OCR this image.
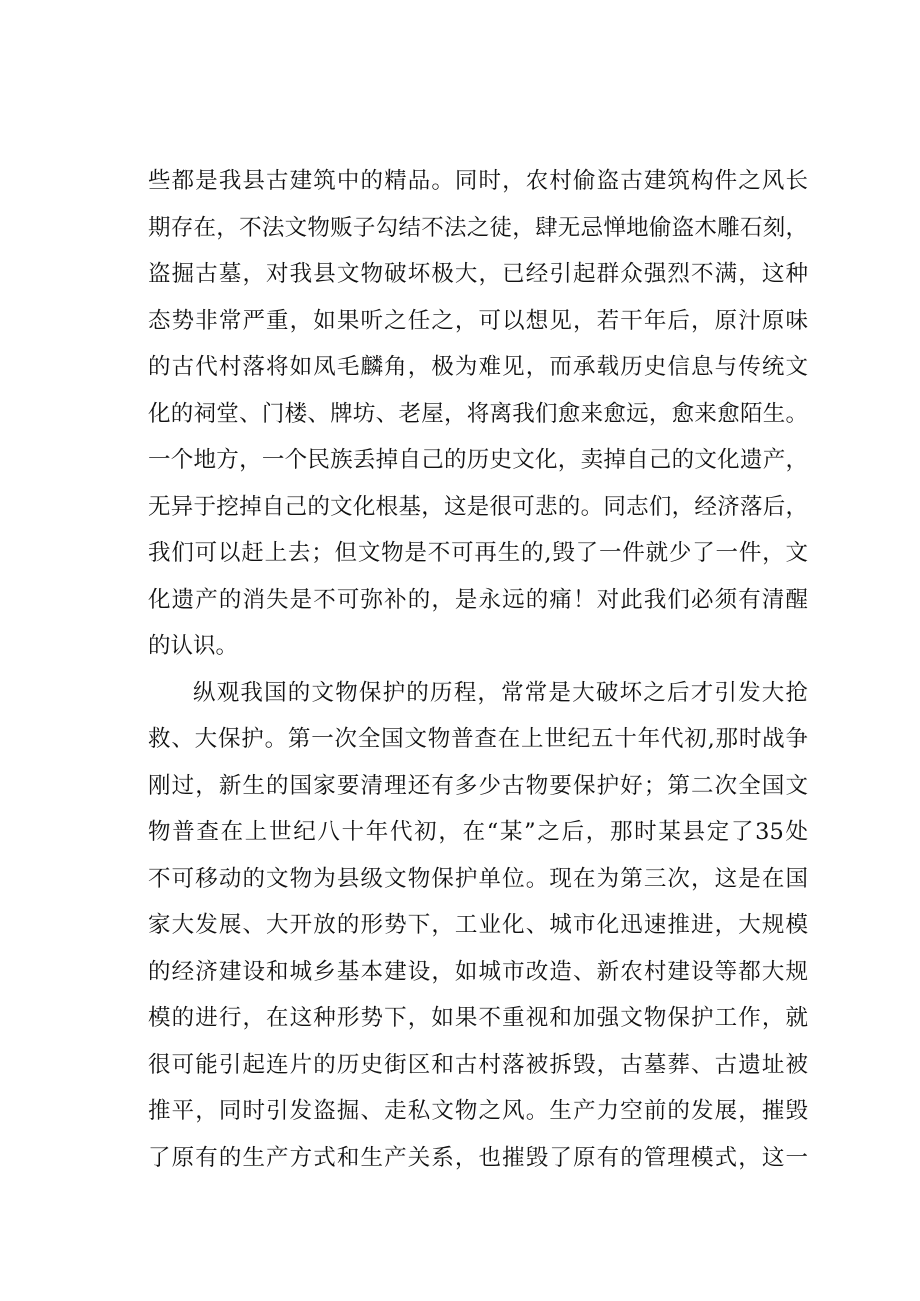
些都是我县古建筑中的精品。同时，农村偷盗古建筑构件之风长
期存在，不法文物贩子勾结不法之徒，肆无忌惮地偷盗木雕石刻，
盗掘古墓，对我县文物破坏极大，已经引起群众强烈不满，这种
态势非常严重，如果听之任之，可以想见，若干年后，原汁原味
的古代村落将如凤毛麟角，极为难见，而承载历史信息与传统文
化的祠堂、门楼、牌坊、老屋，将离我们愈来愈远，愈来愈陌生。
一个地方，一个民族丢掉自己的历史文化，卖掉自己的文化遗产，
无异于挖掉自己的文化根基，这是很可悲的。同志们，经济落后，
我们可以赶上去；但文物是不可再生的,毁了一件就少了一件，文
化遗产的消失是不可弥补的，是永远的痛！对此我们必须有清醒
的认识。
纵观我国的文物保护的历程，常常是大破坏之后才引发大抢
救、大保护。第一次全国文物普查在上世纪五十年代初,那时战争
刚过，新生的国家要清理还有多少古物要保护好；第二次全国文
物普查在上世纪八十年代初，在“某”之后，那时某县定了35处
不可移动的文物为县级文物保护单位。现在为第三次，这是在国
家大发展、大开放的形势下，工业化、城市化迅速推进，大规模
的经济建设和城乡基本建设，如城市改造、新农村建设等都大规
模的进行，在这种形势下，如果不重视和加强文物保护工作，就
很可能引起连片的历史街区和古村落被拆毁，古墓葬、古遗址被
推平，同时引发盗掘、走私文物之风。生产力空前的发展，摧毁
了原有的生产方式和生产关系，也摧毁了原有的管理模式，这一
